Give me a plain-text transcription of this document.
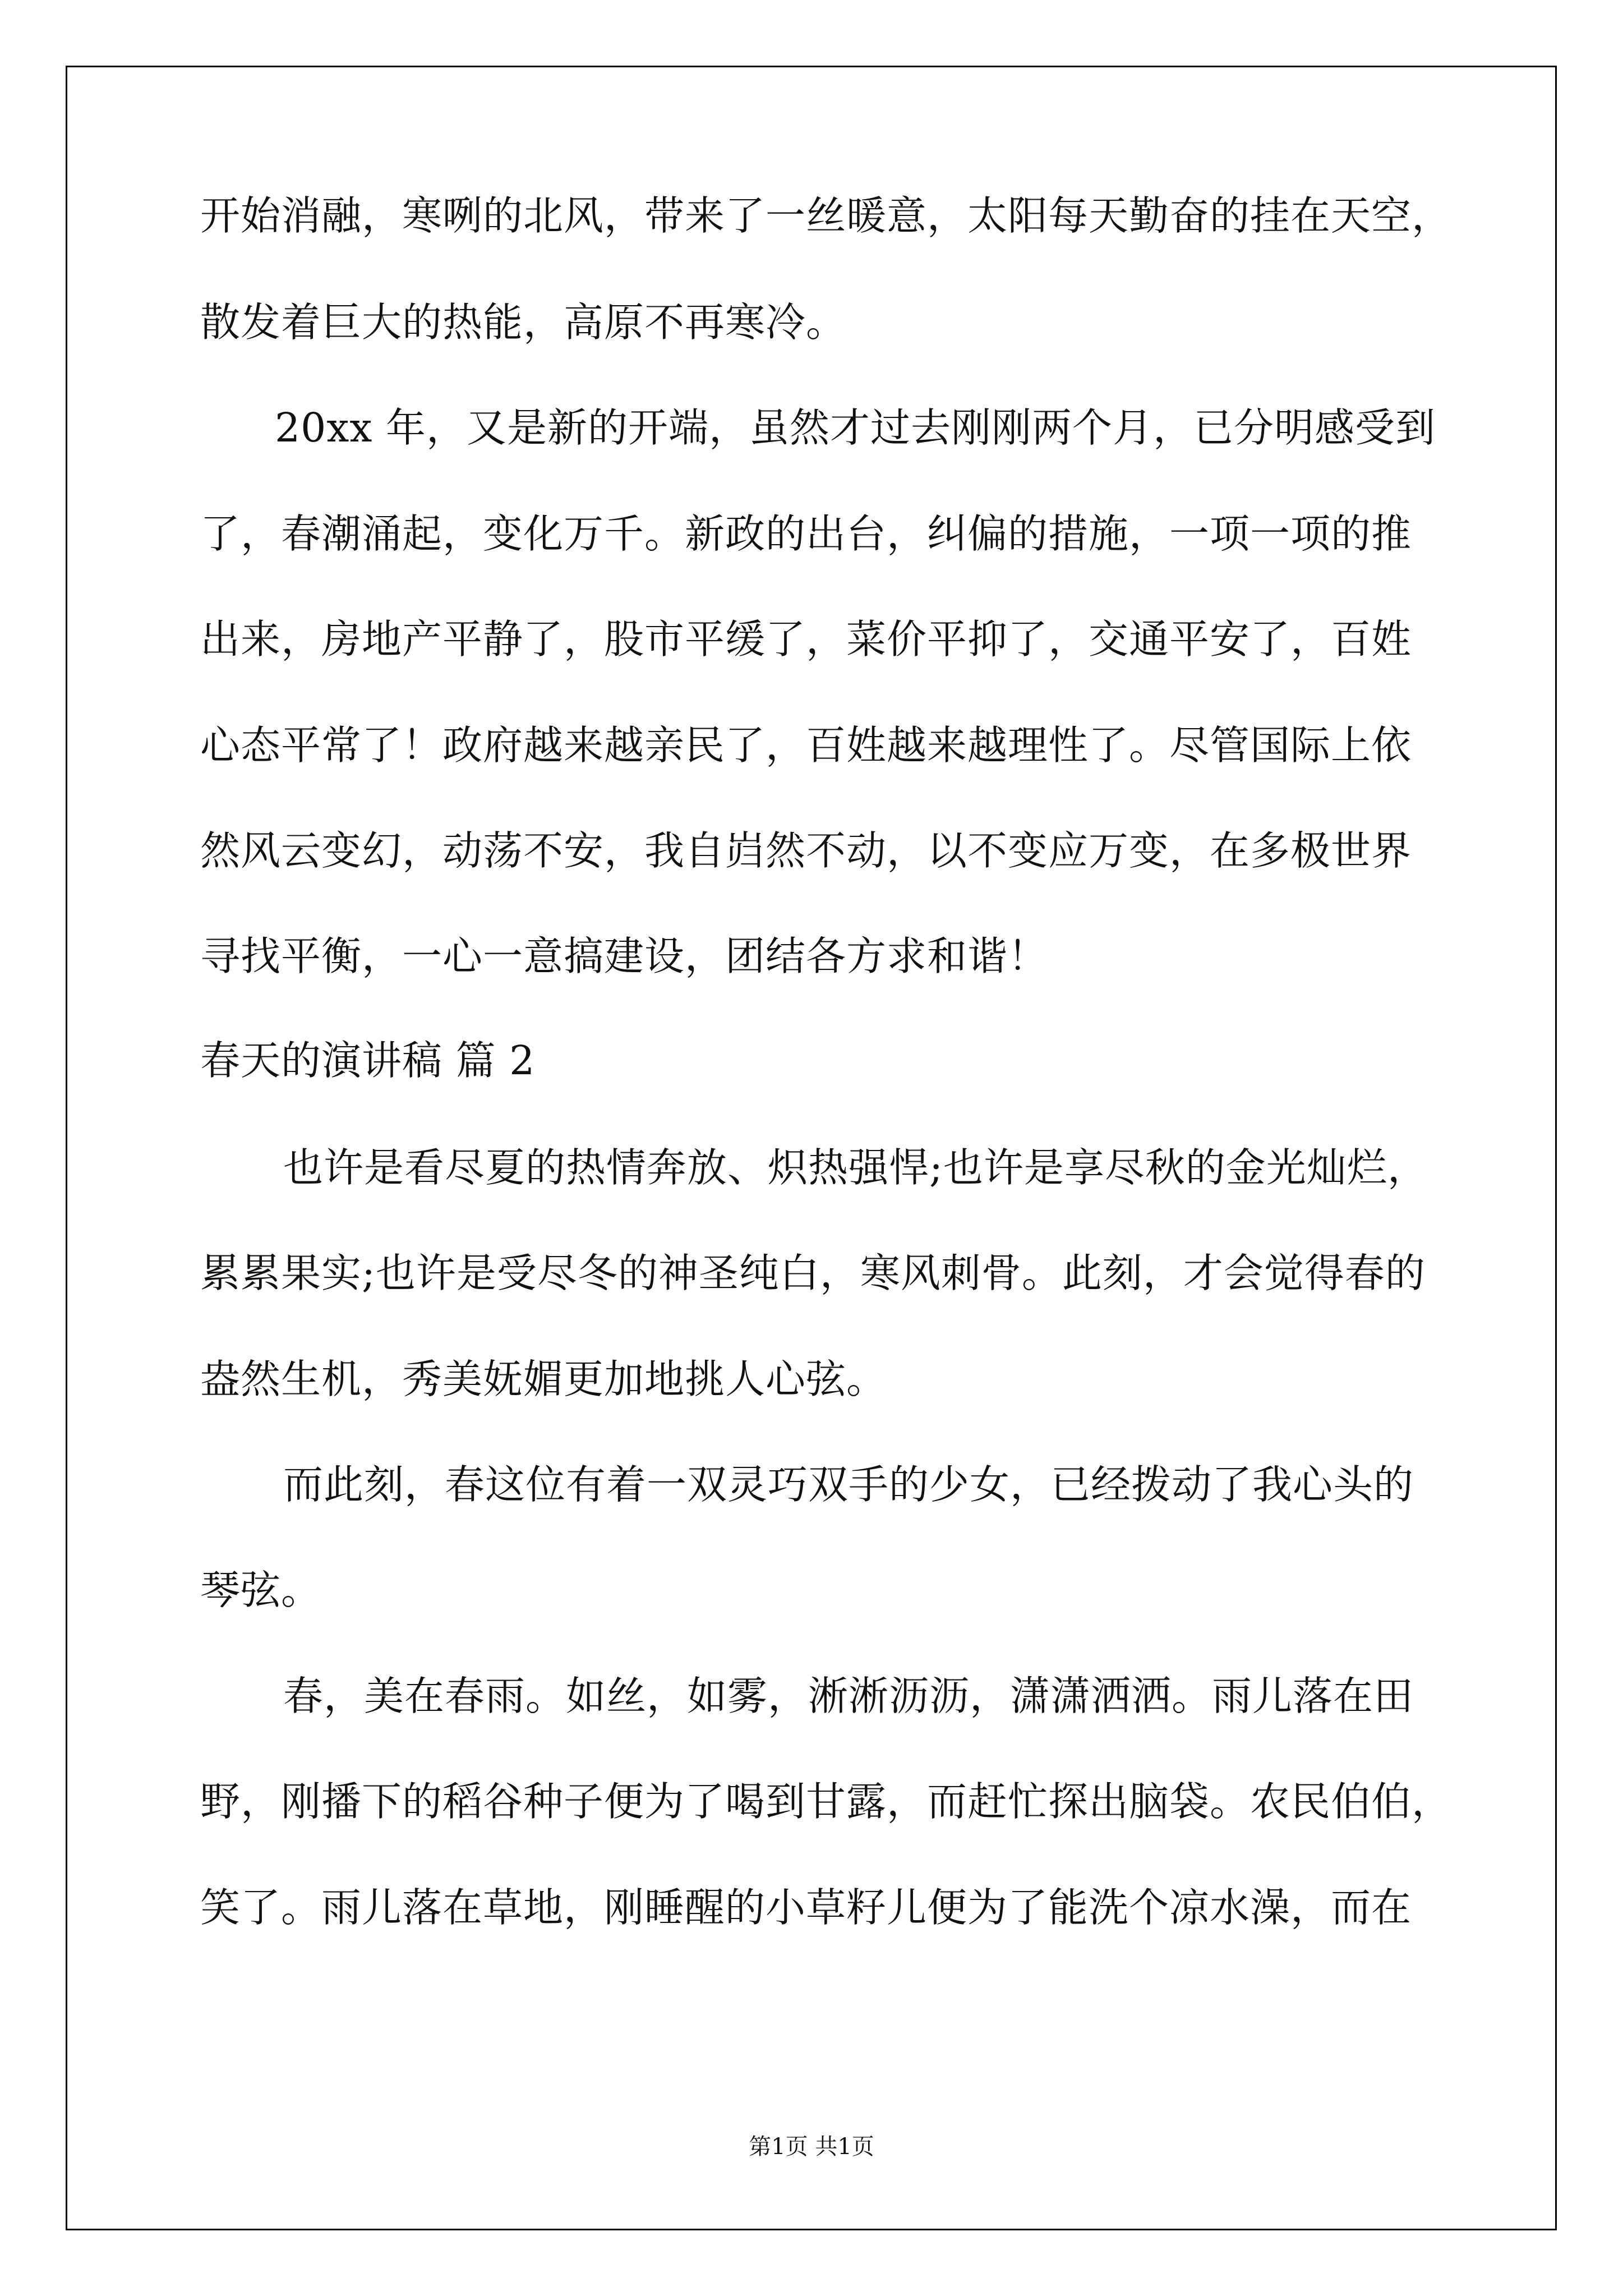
开始消融，寒咧的北风，带来了一丝暖意，太阳每天勤奋的挂在天空，
散发着巨大的热能，高原不再寒冷。
20xx 年，又是新的开端，虽然才过去刚刚两个月，已分明感受到
了，春潮涌起，变化万千。新政的出台，纠偏的措施，一项一项的推
出来，房地产平静了，股市平缓了，菜价平抑了，交通平安了，百姓
心态平常了！政府越来越亲民了，百姓越来越理性了。尽管国际上依
然风云变幻，动荡不安，我自岿然不动，以不变应万变，在多极世界
寻找平衡，一心一意搞建设，团结各方求和谐！
春天的演讲稿 篇 2
也许是看尽夏的热情奔放、炽热强悍;也许是享尽秋的金光灿烂，
累累果实;也许是受尽冬的神圣纯白，寒风刺骨。此刻，才会觉得春的
盎然生机，秀美妩媚更加地挑人心弦。
而此刻，春这位有着一双灵巧双手的少女，已经拨动了我心头的
琴弦。
春，美在春雨。如丝，如雾，淅淅沥沥，潇潇洒洒。雨儿落在田
野，刚播下的稻谷种子便为了喝到甘露，而赶忙探出脑袋。农民伯伯，
笑了。雨儿落在草地，刚睡醒的小草籽儿便为了能洗个凉水澡，而在
第1页 共1页
